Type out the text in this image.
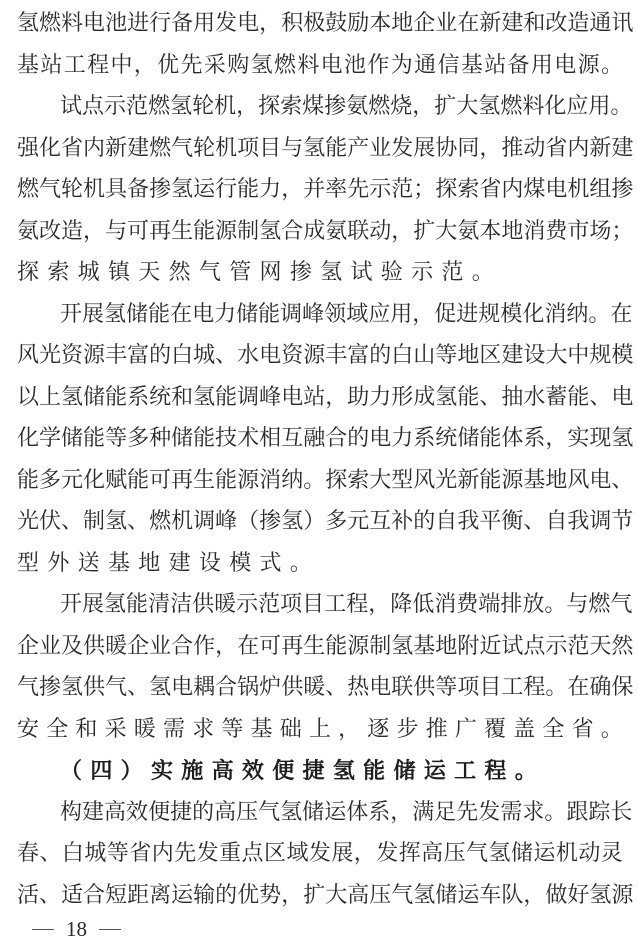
氢 燃 料 电 池 进 行 备 用 发 电 ， 积 极 鼓 励 本 地 企 业 在 新 建 和 改 造 通 讯
基 站 工 程 中 ， 优 先 采 购 氢 燃 料 电 池 作 为 通 信 基 站 备 用 电 源 。
试 点 示 范 燃 氢 轮 机 ， 探 索 煤 掺 氨 燃 烧 ， 扩 大 氢 燃 料 化 应 用 。
强 化 省 内 新 建 燃 气 轮 机 项 目 与 氢 能 产 业 发 展 协 同 ， 推 动 省 内 新 建
燃 气 轮 机 具 备 掺 氢 运 行 能 力 ， 并 率 先 示 范 ； 探 索 省 内 煤 电 机 组 掺
氨 改 造 ， 与 可 再 生 能 源 制 氢 合 成 氨 联 动 ， 扩 大 氨 本 地 消 费 市 场 ；
探 索 城 镇 天 然 气 管 网 掺 氢 试 验 示 范 。
开 展 氢 储 能 在 电 力 储 能 调 峰 领 域 应 用 ， 促 进 规 模 化 消 纳 。 在
风 光 资 源 丰 富 的 白 城 、 水 电 资 源 丰 富 的 白 山 等 地 区 建 设 大 中 规 模
以 上 氢 储 能 系 统 和 氢 能 调 峰 电 站 ， 助 力 形 成 氢 能 、 抽 水 蓄 能 、 电
化 学 储 能 等 多 种 储 能 技 术 相 互 融 合 的 电 力 系 统 储 能 体 系 ， 实 现 氢
能 多 元 化 赋 能 可 再 生 能 源 消 纳 。 探 索 大 型 风 光 新 能 源 基 地 风 电 、
光 伏 、 制 氢 、 燃 机 调 峰 （ 掺 氢 ） 多 元 互 补 的 自 我 平 衡 、 自 我 调 节
型 外 送 基 地 建 设 模 式 。
开 展 氢 能 清 洁 供 暖 示 范 项 目 工 程 ， 降 低 消 费 端 排 放 。 与 燃 气
企 业 及 供 暖 企 业 合 作 ， 在 可 再 生 能 源 制 氢 基 地 附 近 试 点 示 范 天 然
气 掺 氢 供 气 、 氢 电 耦 合 锅 炉 供 暖 、 热 电 联 供 等 项 目 工 程 。 在 确 保
安 全 和 采 暖 需 求 等 基 础 上 ， 逐 步 推 广 覆 盖 全 省 。
（ 四 ） 实 施 高 效 便 捷 氢 能 储 运 工 程 。
构 建 高 效 便 捷 的 高 压 气 氢 储 运 体 系 ， 满 足 先 发 需 求 。 跟 踪 长
春 、 白 城 等 省 内 先 发 重 点 区 域 发 展 ， 发 挥 高 压 气 氢 储 运 机 动 灵
活 、 适 合 短 距 离 运 输 的 优 势 ， 扩 大 高 压 气 氢 储 运 车 队 ， 做 好 氢 源
18
